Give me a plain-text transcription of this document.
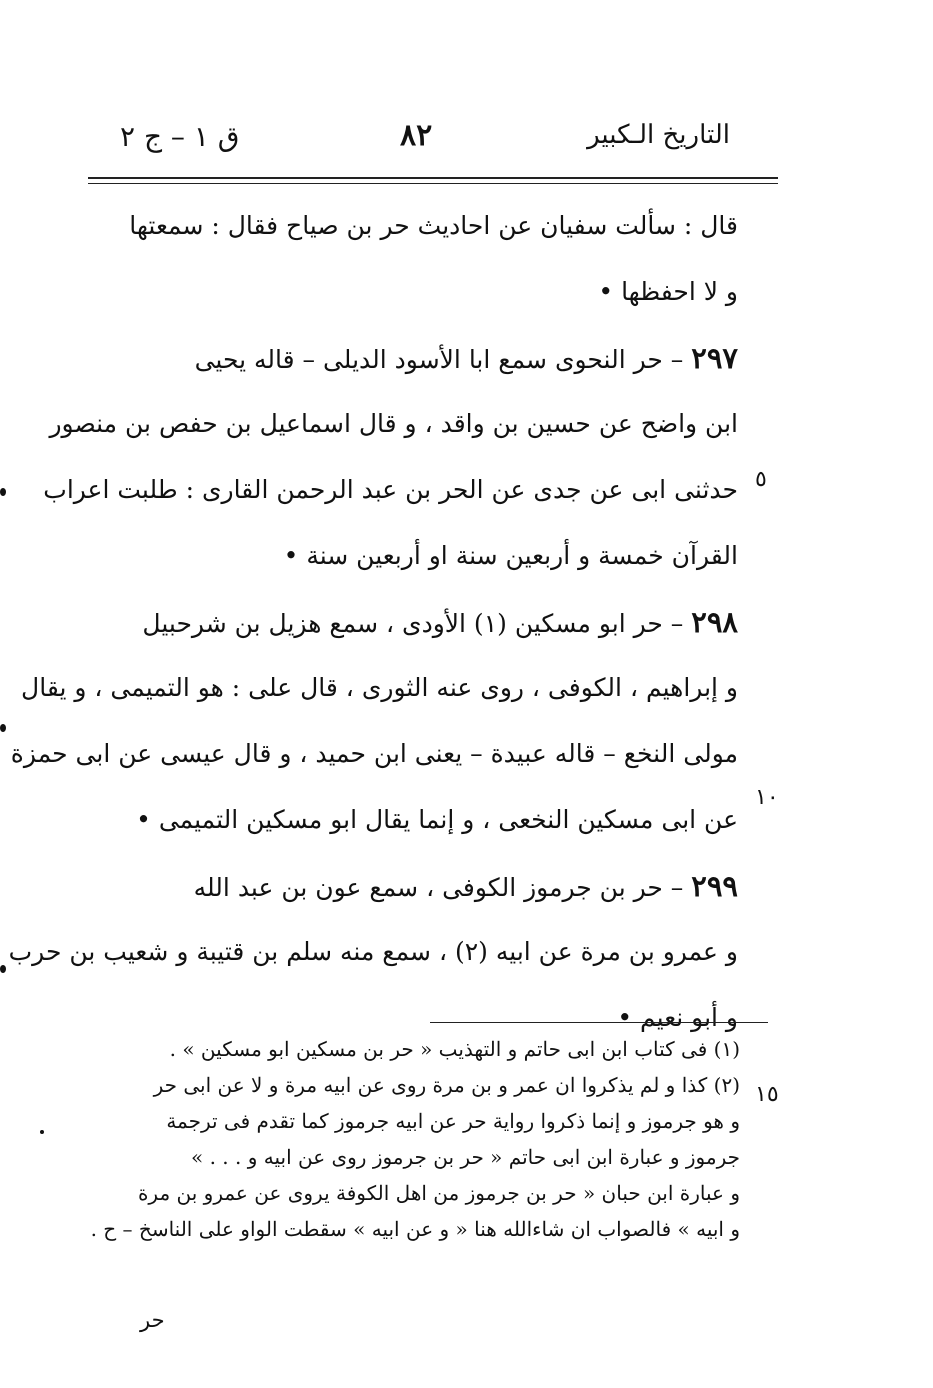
التاريخ الـكبير
٨٢
ق ١ – ج ٢
قال : سألت سفيان عن احاديث حر بن صياح فقال : سمعتها
و لا احفظها •
٢٩٧ – حر النحوى سمع ابا الأسود الديلى – قاله يحيى
ابن واضح عن حسين بن واقد ، و قال اسماعيل بن حفص بن منصور
حدثنى ابى عن جدى عن الحر بن عبد الرحمن القارى : طلبت اعراب
القرآن خمسة و أربعين سنة او أربعين سنة •
٢٩٨ – حر ابو مسكين (١) الأودى ، سمع هزيل بن شرحبيل
و إبراهيم ، الكوفى ، روى عنه الثورى ، قال على : هو التميمى ، و يقال
مولى النخع – قاله عبيدة – يعنى ابن حميد ، و قال عيسى عن ابى حمزة
عن ابى مسكين النخعى ، و إنما يقال ابو مسكين التميمى •
٢٩٩ – حر بن جرموز الكوفى ، سمع عون بن عبد الله
و عمرو بن مرة عن ابيه (٢) ، سمع منه سلم بن قتيبة و شعيب بن حرب
و أبو نعيم •
٥
١٠
١٥
(١) فى كتاب ابن ابى حاتم و التهذيب « حر بن مسكين ابو مسكين » .
(٢) كذا و لم يذكروا ان عمر و بن مرة روى عن ابيه مرة و لا عن ابى حر
و هو جرموز و إنما ذكروا رواية حر عن ابيه جرموز كما تقدم فى ترجمة
جرموز و عبارة ابن ابى حاتم « حر بن جرموز روى عن ابيه و . . . »
و عبارة ابن حبان « حر بن جرموز من اهل الكوفة يروى عن عمرو بن مرة
و ابيه » فالصواب ان شاءالله هنا « و عن ابيه » سقطت الواو على الناسخ – ح .
حر
